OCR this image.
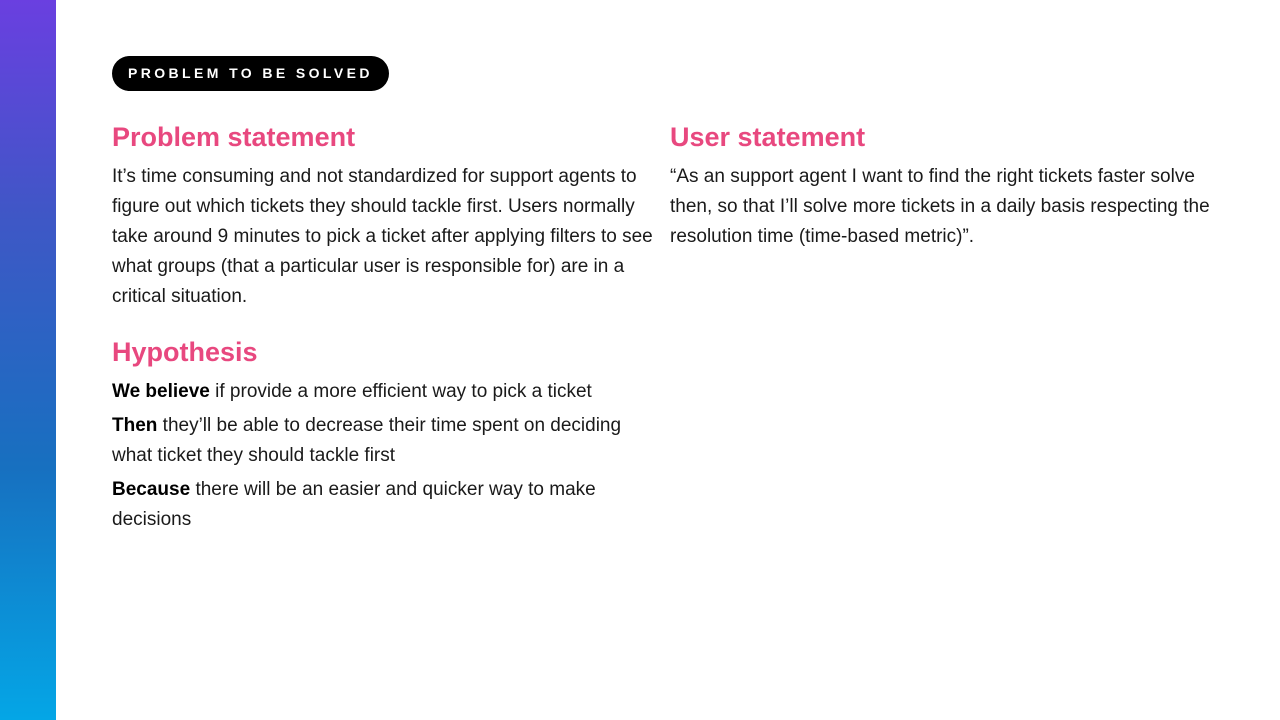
PROBLEM TO BE SOLVED
Problem statement

It’s time consuming and not standardized for support agents to figure out which tickets they should tackle first. Users normally take around 9 minutes to pick a ticket after applying filters to see what groups (that a particular user is responsible for) are in a critical situation.

User statement

“As an support agent I want to find the right tickets faster solve then, so that I’ll solve more tickets in a daily basis respecting the resolution time (time-based metric)”.

Hypothesis

We believe if provide a more efficient way to pick a ticket

Then they’ll be able to decrease their time spent on deciding what ticket they should tackle first

Because there will be an easier and quicker way to make decisions
